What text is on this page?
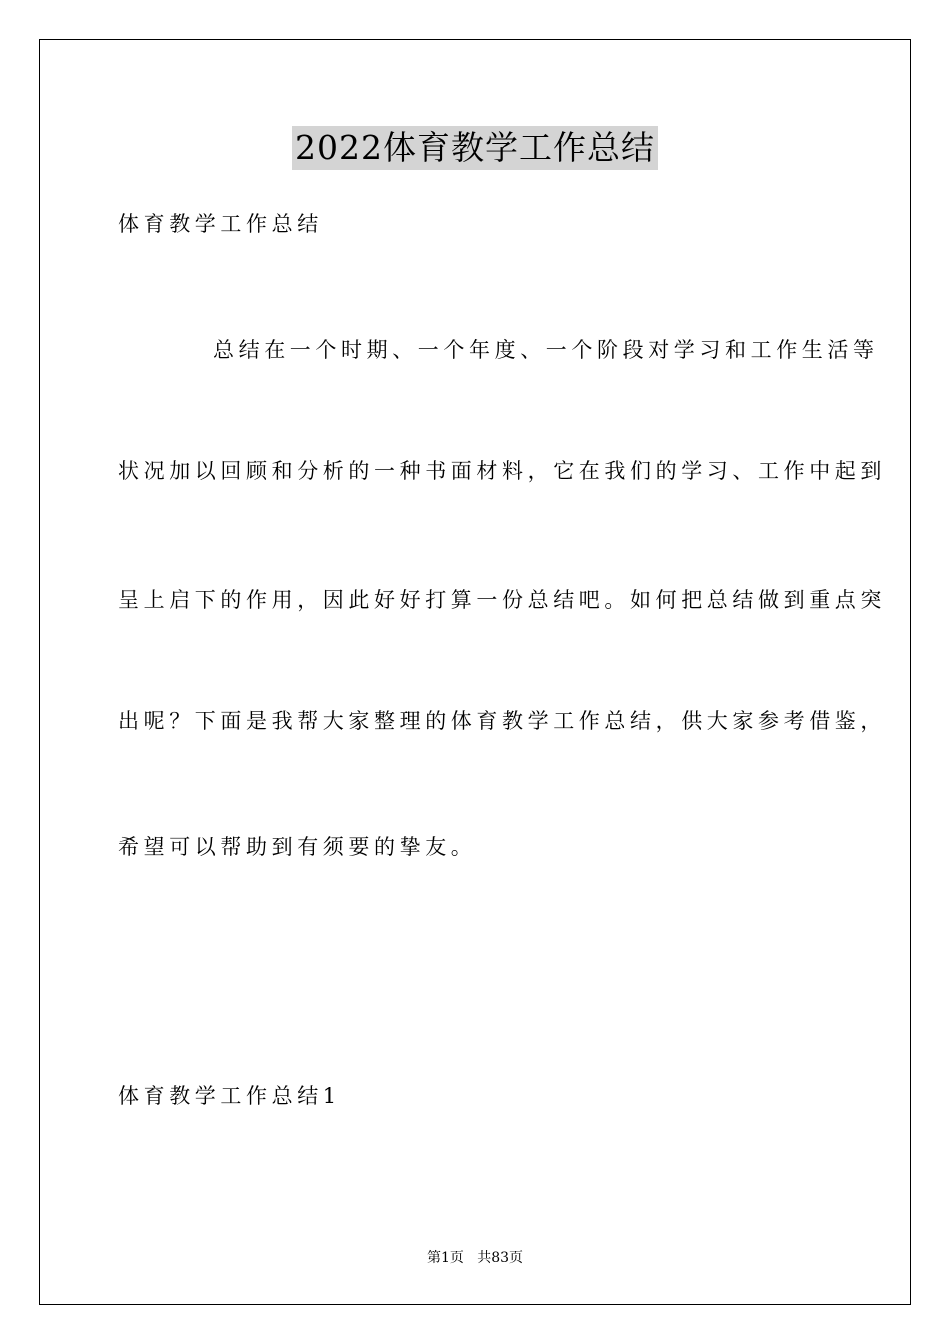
2022体育教学工作总结

体育教学工作总结

总结在一个时期、一个年度、一个阶段对学习和工作生活等

状况加以回顾和分析的一种书面材料，它在我们的学习、工作中起到

呈上启下的作用，因此好好打算一份总结吧。如何把总结做到重点突

出呢？下面是我帮大家整理的体育教学工作总结，供大家参考借鉴，

希望可以帮助到有须要的挚友。

体育教学工作总结1

第1页   共83页
